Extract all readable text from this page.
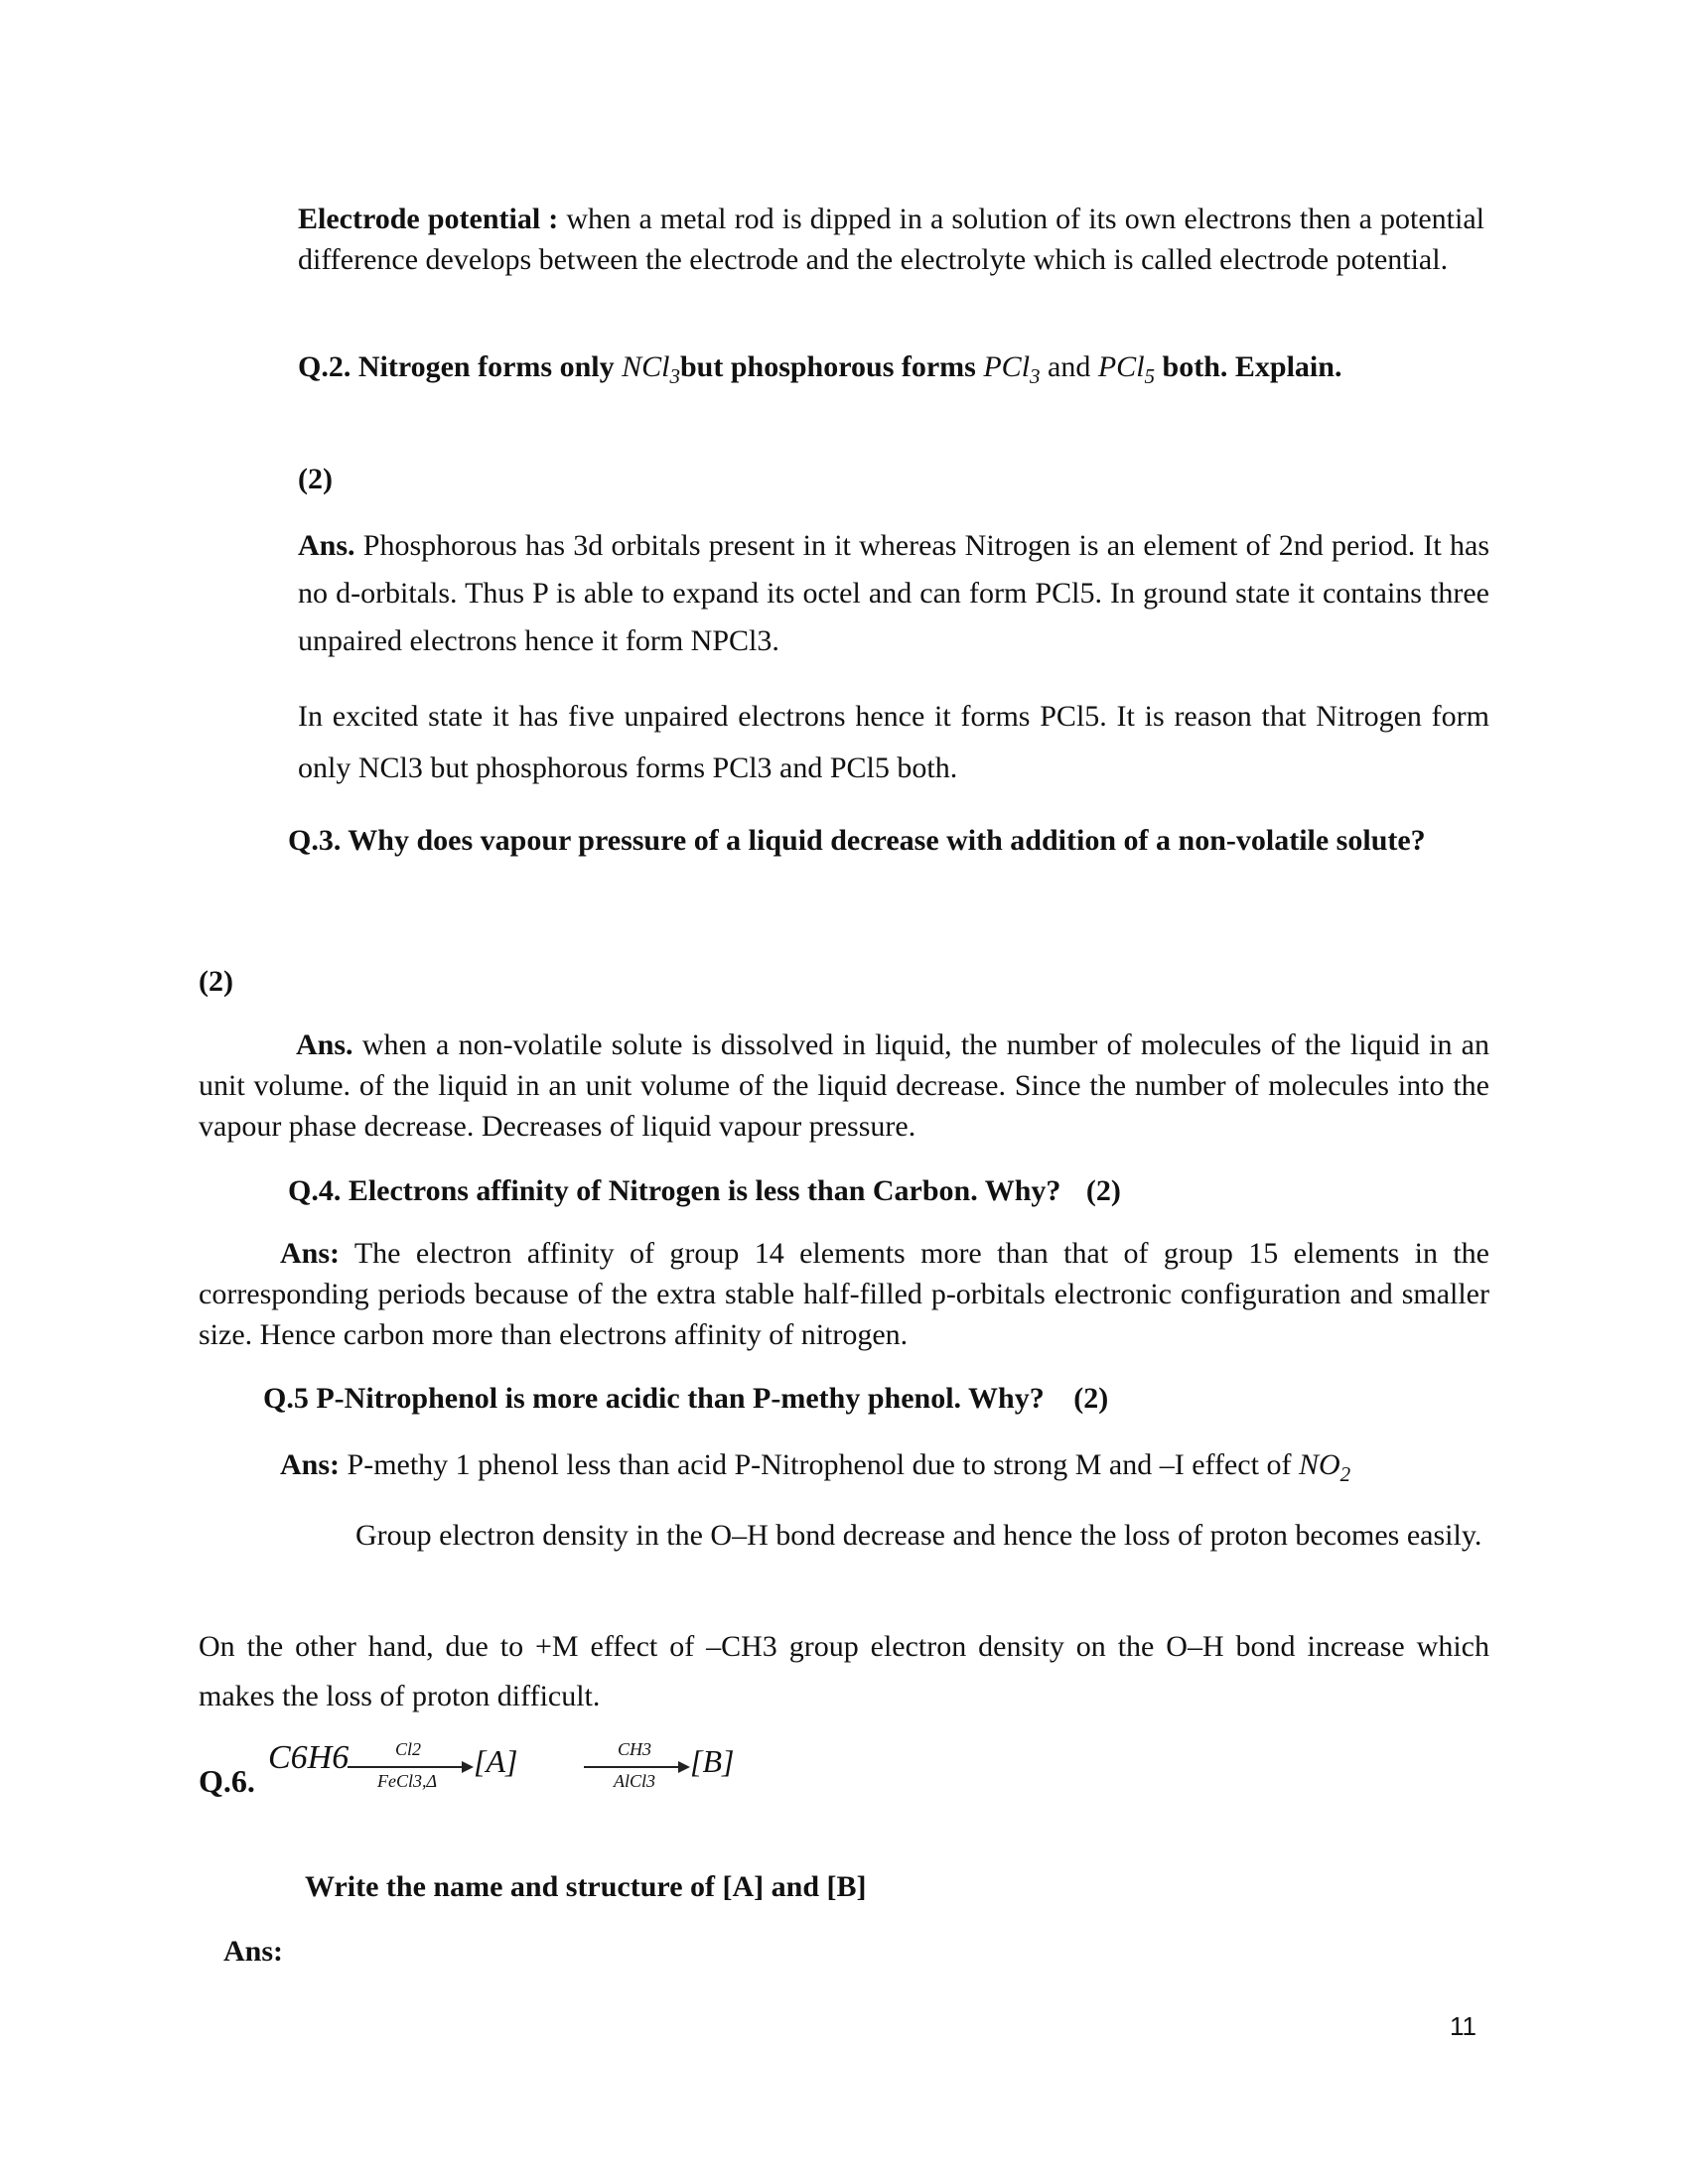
Electrode potential : when a metal rod is dipped in a solution of its own electrons then a potential difference develops between the electrode and the electrolyte which is called electrode potential.
Q.2. Nitrogen forms only NCl$_3$but phosphorous forms PCl$_3$ and PCl$_5$ both. Explain.
(2)
Ans. Phosphorous has 3d orbitals present in it whereas Nitrogen is an element of 2nd period. It has no d-orbitals. Thus P is able to expand its octel and can form PCl5. In ground state it contains three unpaired electrons hence it form NPCl3.
In excited state it has five unpaired electrons hence it forms PCl5. It is reason that Nitrogen form only NCl3 but phosphorous forms PCl3 and PCl5 both.
Q.3. Why does vapour pressure of a liquid decrease with addition of a non-volatile solute?
(2)
Ans. when a non-volatile solute is dissolved in liquid, the number of molecules of the liquid in an unit volume. of the liquid in an unit volume of the liquid decrease. Since the number of molecules into the vapour phase decrease. Decreases of liquid vapour pressure.
Q.4. Electrons affinity of Nitrogen is less than Carbon. Why? (2)
Ans: The electron affinity of group 14 elements more than that of group 15 elements in the corresponding periods because of the extra stable half-filled p-orbitals electronic configuration and smaller size. Hence carbon more than electrons affinity of nitrogen.
Q.5 P-Nitrophenol is more acidic than P-methy phenol. Why? (2)
Ans: P-methy 1 phenol less than acid P-Nitrophenol due to strong M and –I effect of $NO_2$
Group electron density in the O–H bond decrease and hence the loss of proton becomes easily.
On the other hand, due to +M effect of –CH3 group electron density on the O–H bond increase which makes the loss of proton difficult.
Q.6.
C6H6	Cl2
FeCl3,Δ
[A]	CH3
AlCl3
[B]
Write the name and structure of [A] and [B]
Ans:
11
